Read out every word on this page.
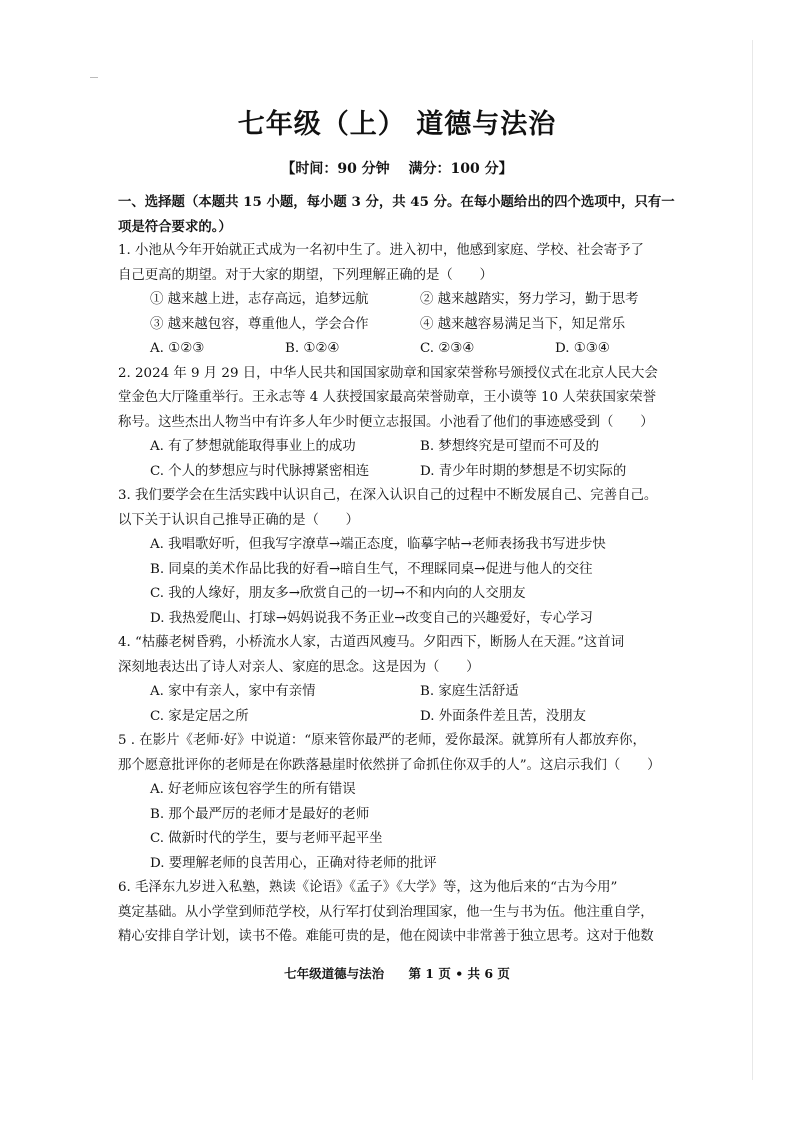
七年级（上） 道德与法治
【时间：90 分钟　 满分：100 分】
一、选择题（本题共 15 小题，每小题 3 分，共 45 分。在每小题给出的四个选项中，只有一
项是符合要求的。）
1. 小池从今年开始就正式成为一名初中生了。进入初中，他感到家庭、学校、社会寄予了
自己更高的期望。对于大家的期望，下列理解正确的是（　　）
① 越来越上进，志存高远，追梦远航	② 越来越踏实，努力学习，勤于思考
③ 越来越包容，尊重他人，学会合作	④ 越来越容易满足当下，知足常乐
A. ①②③	B. ①②④	C. ②③④	D. ①③④
2. 2024 年 9 月 29 日，中华人民共和国国家勋章和国家荣誉称号颁授仪式在北京人民大会
堂金色大厅隆重举行。王永志等 4 人获授国家最高荣誉勋章，王小谟等 10 人荣获国家荣誉
称号。这些杰出人物当中有许多人年少时便立志报国。小池看了他们的事迹感受到（　　）
A. 有了梦想就能取得事业上的成功	B. 梦想终究是可望而不可及的
C. 个人的梦想应与时代脉搏紧密相连	D. 青少年时期的梦想是不切实际的
3. 我们要学会在生活实践中认识自己，在深入认识自己的过程中不断发展自己、完善自己。
以下关于认识自己推导正确的是（　　）
A. 我唱歌好听，但我写字潦草→端正态度，临摹字帖→老师表扬我书写进步快
B. 同桌的美术作品比我的好看→暗自生气，不理睬同桌→促进与他人的交往
C. 我的人缘好，朋友多→欣赏自己的一切→不和内向的人交朋友
D. 我热爱爬山、打球→妈妈说我不务正业→改变自己的兴趣爱好，专心学习
4. “枯藤老树昏鸦，小桥流水人家，古道西风瘦马。夕阳西下，断肠人在天涯。”这首词
深刻地表达出了诗人对亲人、家庭的思念。这是因为（　　）
A. 家中有亲人，家中有亲情	B. 家庭生活舒适
C. 家是定居之所	D. 外面条件差且苦，没朋友
5 . 在影片《老师·好》中说道：“原来管你最严的老师，爱你最深。就算所有人都放弃你，
那个愿意批评你的老师是在你跌落悬崖时依然拼了命抓住你双手的人”。这启示我们（　　）
A. 好老师应该包容学生的所有错误
B. 那个最严厉的老师才是最好的老师
C. 做新时代的学生，要与老师平起平坐
D. 要理解老师的良苦用心，正确对待老师的批评
6. 毛泽东九岁进入私塾，熟读《论语》《孟子》《大学》等，这为他后来的“古为今用”
奠定基础。从小学堂到师范学校，从行军打仗到治理国家，他一生与书为伍。他注重自学，
精心安排自学计划，读书不倦。难能可贵的是，他在阅读中非常善于独立思考。这对于他数
七年级道德与法治 第 1 页 • 共 6 页
